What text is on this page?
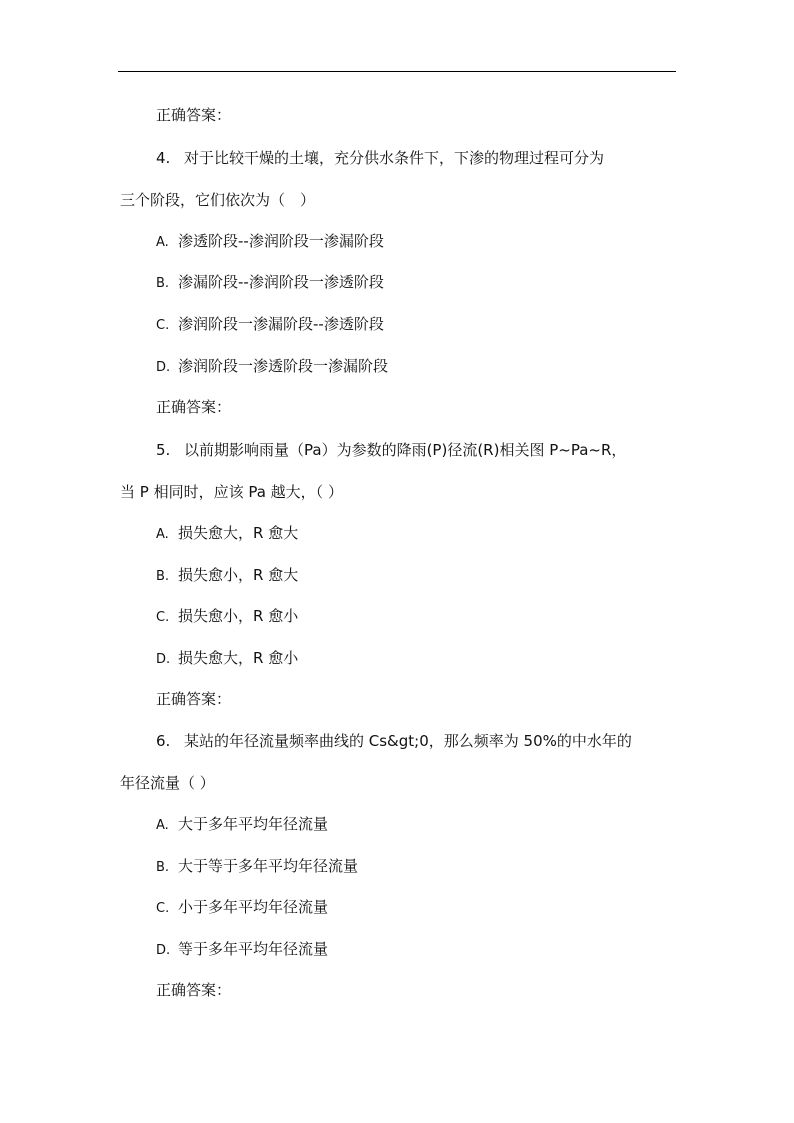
正确答案：
4. 对于比较干燥的土壤，充分供水条件下，下渗的物理过程可分为
三个阶段，它们依次为（　）
A. 渗透阶段--渗润阶段一渗漏阶段
B. 渗漏阶段--渗润阶段一渗透阶段
C. 渗润阶段一渗漏阶段--渗透阶段
D. 渗润阶段一渗透阶段一渗漏阶段
正确答案：
5. 以前期影响雨量（Pa）为参数的降雨(P)径流(R)相关图 P~Pa~R，
当 P 相同时，应该 Pa 越大，（ ）
A. 损失愈大，R 愈大
B. 损失愈小，R 愈大
C. 损失愈小，R 愈小
D. 损失愈大，R 愈小
正确答案：
6. 某站的年径流量频率曲线的 Cs&gt;0，那么频率为 50%的中水年的
年径流量（ ）
A. 大于多年平均年径流量
B. 大于等于多年平均年径流量
C. 小于多年平均年径流量
D. 等于多年平均年径流量
正确答案：
